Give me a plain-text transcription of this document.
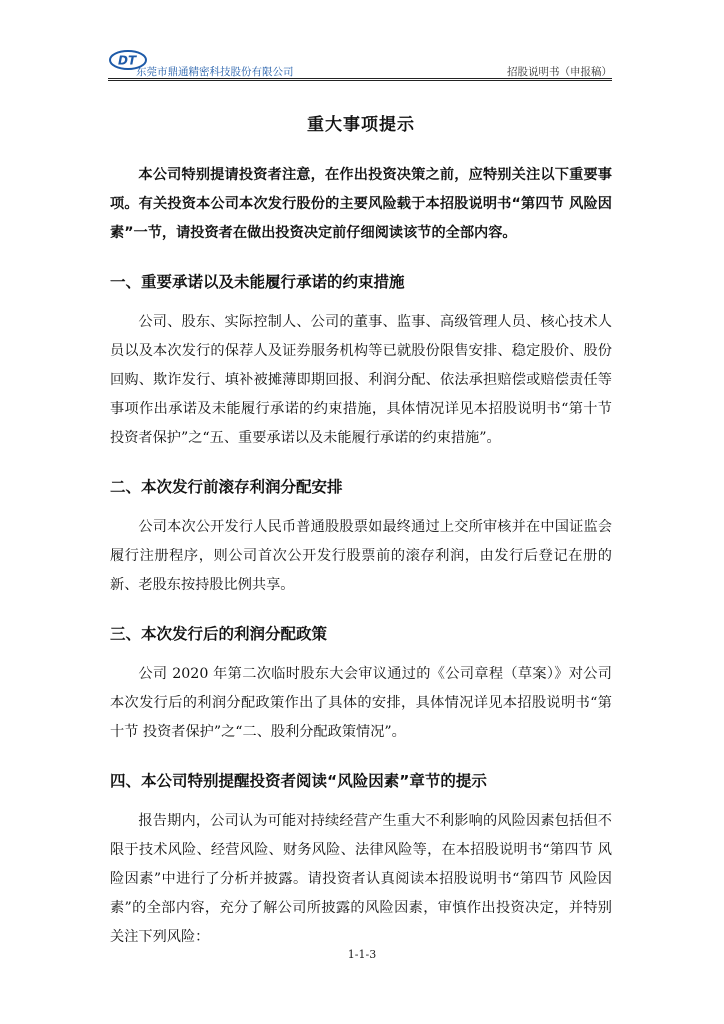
DT
东莞市鼎通精密科技股份有限公司	招股说明书（申报稿）
重大事项提示

本公司特别提请投资者注意，在作出投资决策之前，应特别关注以下重要事项。有关投资本公司本次发行股份的主要风险载于本招股说明书“第四节 风险因素”一节，请投资者在做出投资决定前仔细阅读该节的全部内容。

一、重要承诺以及未能履行承诺的约束措施

公司、股东、实际控制人、公司的董事、监事、高级管理人员、核心技术人员以及本次发行的保荐人及证券服务机构等已就股份限售安排、稳定股价、股份回购、欺诈发行、填补被摊薄即期回报、利润分配、依法承担赔偿或赔偿责任等事项作出承诺及未能履行承诺的约束措施，具体情况详见本招股说明书“第十节 投资者保护”之“五、重要承诺以及未能履行承诺的约束措施”。

二、本次发行前滚存利润分配安排

公司本次公开发行人民币普通股股票如最终通过上交所审核并在中国证监会履行注册程序，则公司首次公开发行股票前的滚存利润，由发行后登记在册的新、老股东按持股比例共享。

三、本次发行后的利润分配政策

公司 2020 年第二次临时股东大会审议通过的《公司章程（草案）》对公司本次发行后的利润分配政策作出了具体的安排，具体情况详见本招股说明书“第十节 投资者保护”之“二、股利分配政策情况”。

四、本公司特别提醒投资者阅读“风险因素”章节的提示

报告期内，公司认为可能对持续经营产生重大不利影响的风险因素包括但不限于技术风险、经营风险、财务风险、法律风险等，在本招股说明书“第四节 风险因素”中进行了分析并披露。请投资者认真阅读本招股说明书“第四节 风险因素”的全部内容，充分了解公司所披露的风险因素，审慎作出投资决定，并特别关注下列风险：

1-1-3
